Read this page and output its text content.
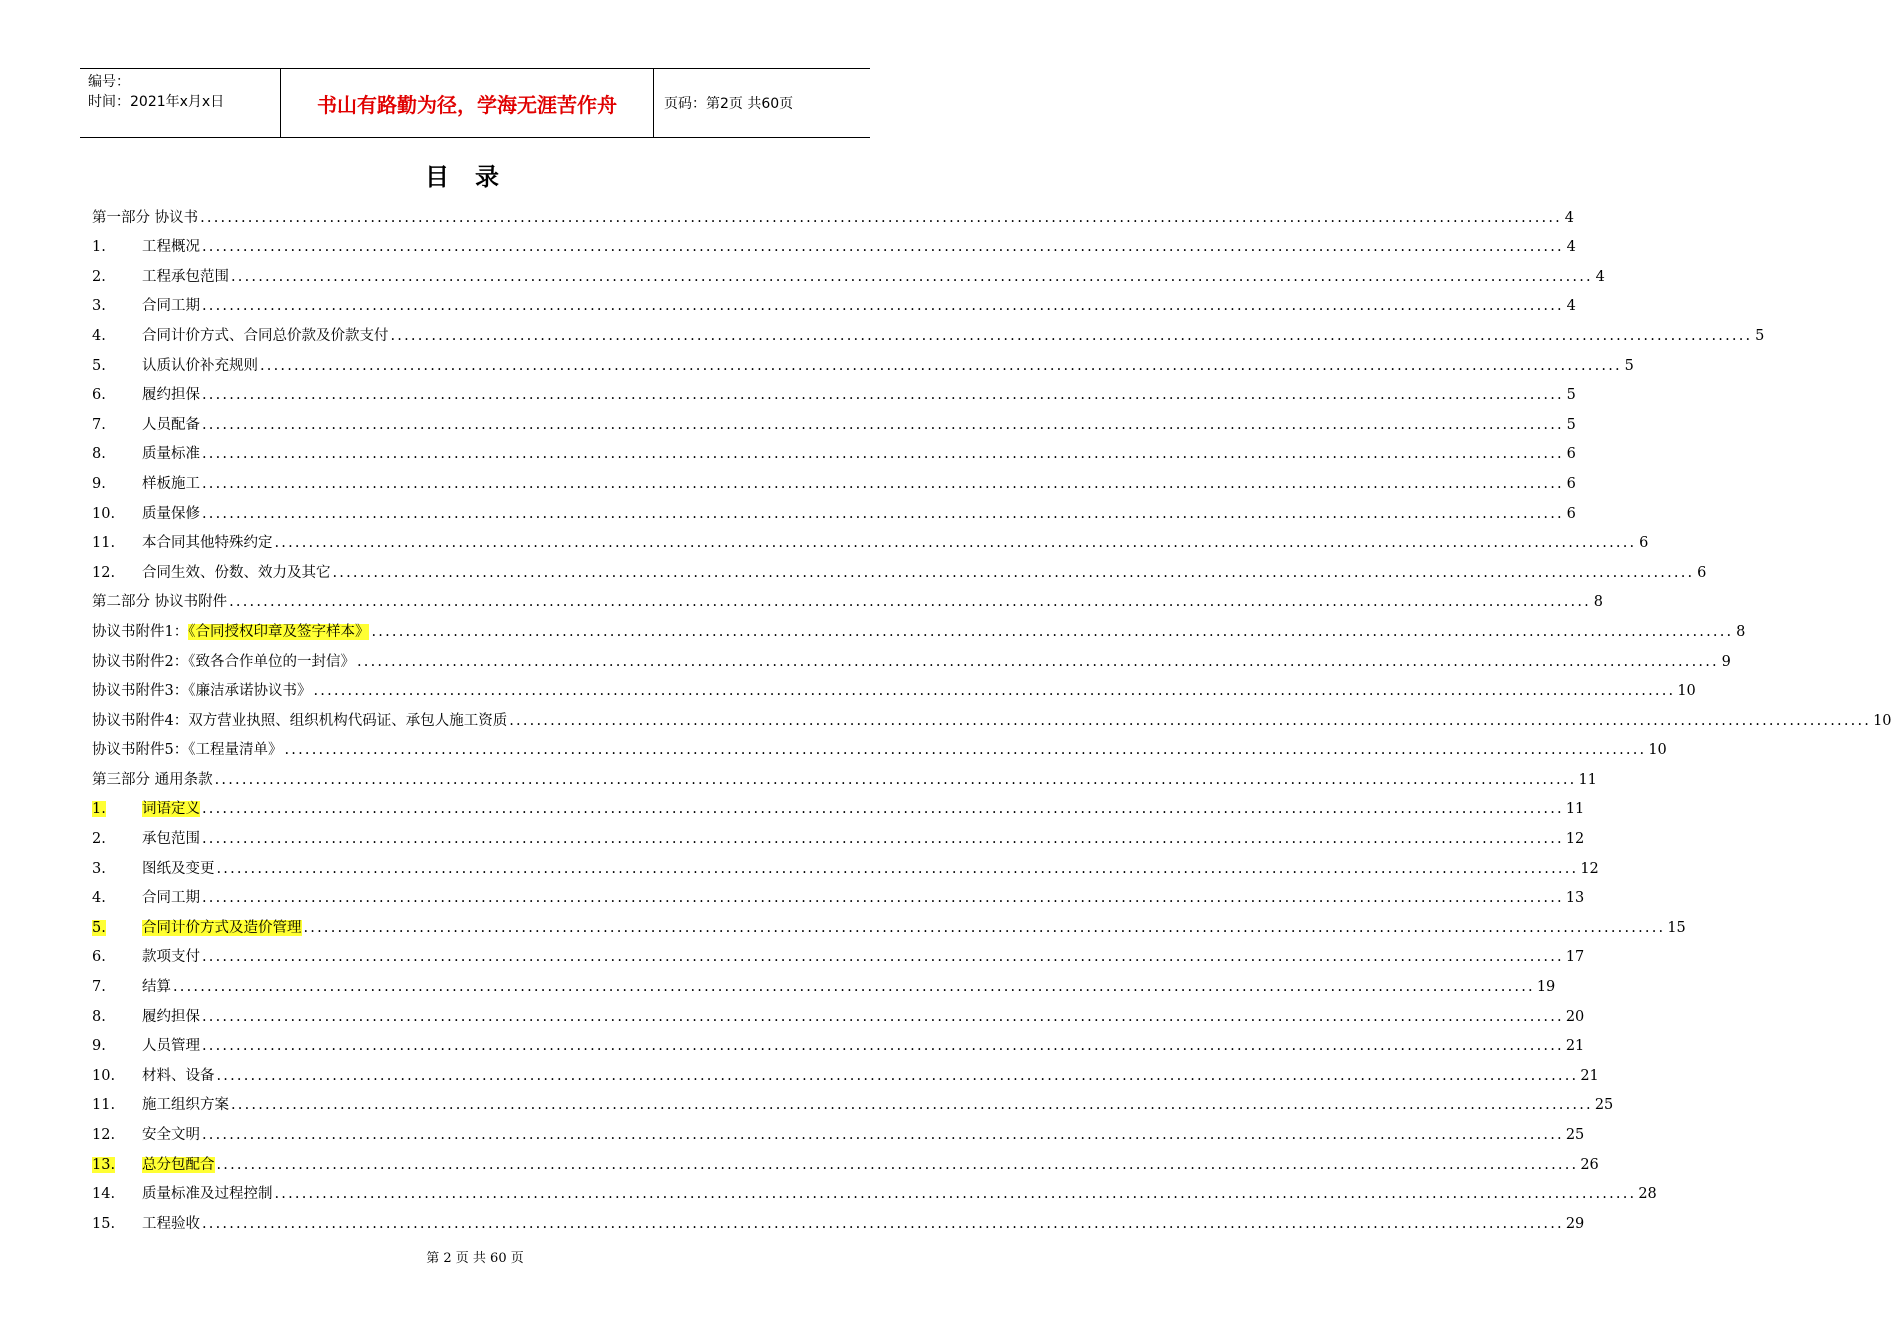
编号：
时间：2021年x月x日	书山有路勤为径，学海无涯苦作舟	页码：第2页 共60页
目录
第一部分 协议书 ........................................................................................................................................................................................................ 4
1.	工程概况 ........................................................................................................................................................................................................ 4
2.	工程承包范围 ........................................................................................................................................................................................................ 4
3.	合同工期 ........................................................................................................................................................................................................ 4
4.	合同计价方式、合同总价款及价款支付 ........................................................................................................................................................................................................ 5
5.	认质认价补充规则 ........................................................................................................................................................................................................ 5
6.	履约担保 ........................................................................................................................................................................................................ 5
7.	人员配备 ........................................................................................................................................................................................................ 5
8.	质量标准 ........................................................................................................................................................................................................ 6
9.	样板施工 ........................................................................................................................................................................................................ 6
10.	质量保修 ........................................................................................................................................................................................................ 6
11.	本合同其他特殊约定 ........................................................................................................................................................................................................ 6
12.	合同生效、份数、效力及其它 ........................................................................................................................................................................................................ 6
第二部分 协议书附件 ........................................................................................................................................................................................................ 8
协议书附件1：《合同授权印章及签字样本》 ........................................................................................................................................................................................................ 8
协议书附件2：《致各合作单位的一封信》 ........................................................................................................................................................................................................ 9
协议书附件3：《廉洁承诺协议书》 ........................................................................................................................................................................................................ 10
协议书附件4：双方营业执照、组织机构代码证、承包人施工资质 ........................................................................................................................................................................................................ 10
协议书附件5：《工程量清单》 ........................................................................................................................................................................................................ 10
第三部分 通用条款 ........................................................................................................................................................................................................ 11
1.	词语定义 ........................................................................................................................................................................................................ 11
2.	承包范围 ........................................................................................................................................................................................................ 12
3.	图纸及变更 ........................................................................................................................................................................................................ 12
4.	合同工期 ........................................................................................................................................................................................................ 13
5.	合同计价方式及造价管理 ........................................................................................................................................................................................................ 15
6.	款项支付 ........................................................................................................................................................................................................ 17
7.	结算 ........................................................................................................................................................................................................ 19
8.	履约担保 ........................................................................................................................................................................................................ 20
9.	人员管理 ........................................................................................................................................................................................................ 21
10.	材料、设备 ........................................................................................................................................................................................................ 21
11.	施工组织方案 ........................................................................................................................................................................................................ 25
12.	安全文明 ........................................................................................................................................................................................................ 25
13.	总分包配合 ........................................................................................................................................................................................................ 26
14.	质量标准及过程控制 ........................................................................................................................................................................................................ 28
15.	工程验收 ........................................................................................................................................................................................................ 29
第 2 页 共 60 页
